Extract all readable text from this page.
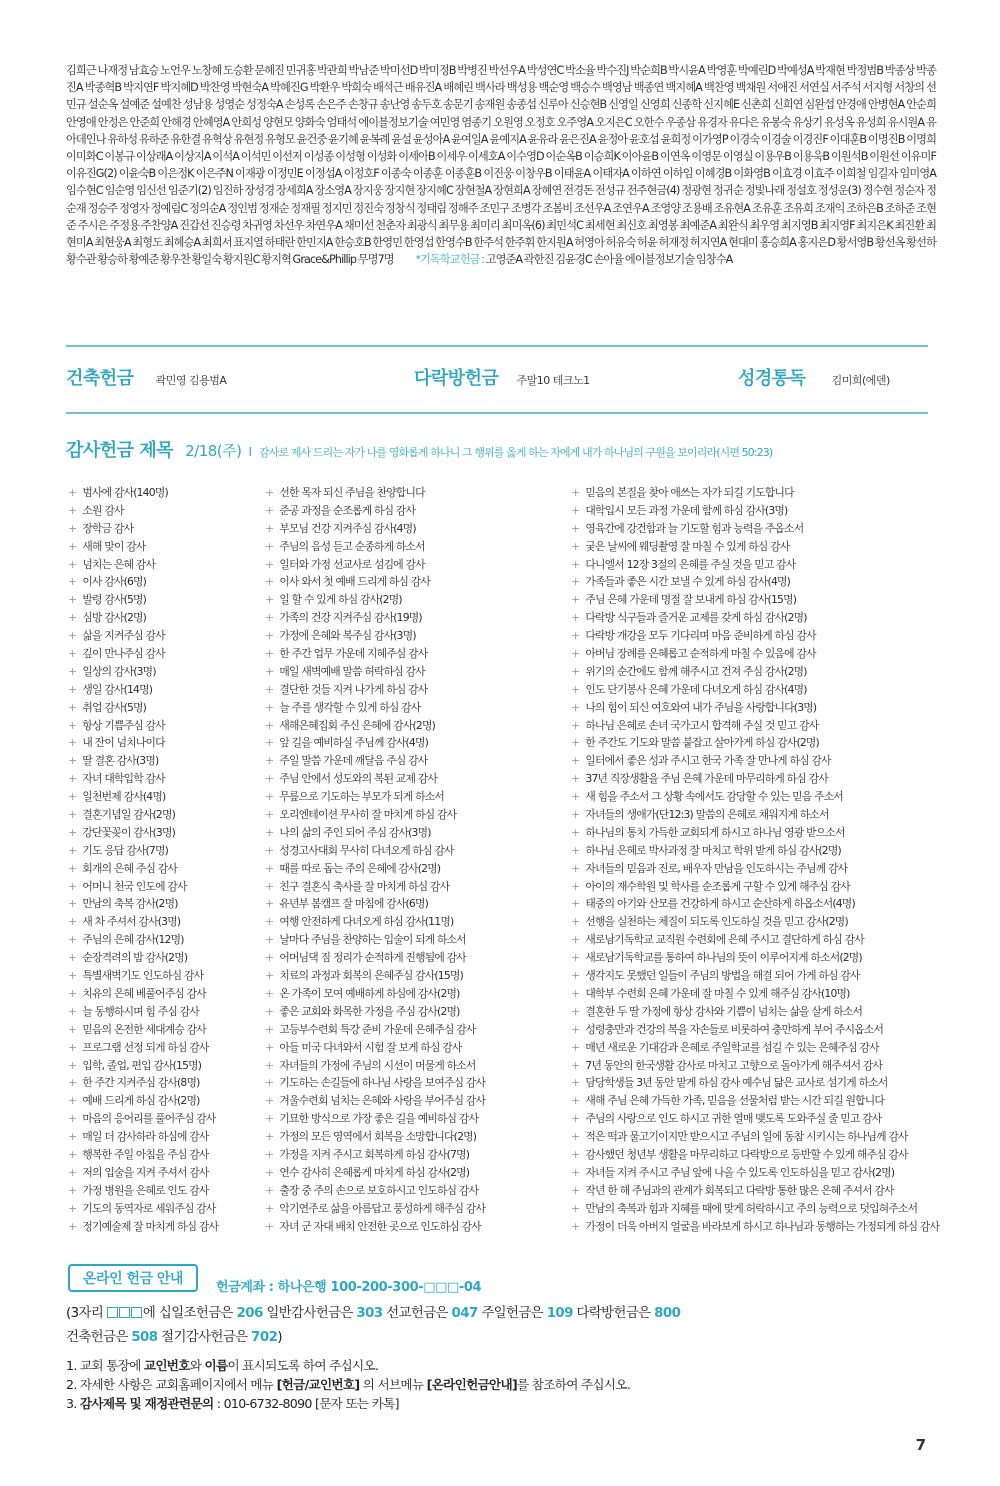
김희근 나재정 남효승 노언우 노창혜 도승환 문혜진 민귀홍 박관희 박남준 박미선D 박미정B 박병진 박선우A 박성연C 박소율 박수진J 박순희B 박시윤A 박영훈 박예린D 박예성A 박재현 박정범B 박종상 박종진A 박종혁B 박지연F 박지혜D 박찬영 박현숙A 박혜진G 박환우 박희숙 배석근 배유진A 배혜린 백사라 백성용 백순영 백승수 백영남 백종연 백지혜A 백찬영 백채원 서애진 서연실 서주석 서지형 서창의 선민규 설순옥 설예준 설예찬 성남용 성영순 성정숙A 손성록 손은주 손창규 송난영 송두호 송문기 송재원 송종섭 신루아 신승현B 신영일 신영희 신종학 신지혜E 신촌희 신희연 심완섭 안경애 안병현A 안순희 안영애 안정은 안준희 안해경 안혜영A 안희성 양현모 양화숙 엄태석 에이블정보기술 여민영 염종기 오원영 오정호 오주영A 오지은C 오한수 우종삼 유경자 유다은 유봉숙 유상기 유성옥 유성희 유시원A 유아데인나 유하성 유하준 유한결 유혁상 유현정 유형모 윤건중 윤기혜 윤복례 윤설 윤성아A 윤여일A 윤예지A 윤유라 윤은진A 윤정아 윤호섭 윤희정 이가영P 이경숙 이경술 이경진F 이대훈B 이명진B 이명희 이미화C 이봉규 이상래A 이상지A 이석A 이석민 이선저 이성종 이성형 이성화 이세아B 이세우 이세호A 이수영D 이순옥B 이승희K 이아윤B 이연옥 이영문 이영실 이용우B 이용욱B 이원석B 이원선 이유미F 이유진G(2) 이윤숙B 이은정K 이은주N 이재광 이정민E 이정섭A 이정호F 이종숙 이종훈 이종훈B 이진웅 이창우B 이태윤A 이태자A 이하연 이하임 이혜경B 이화영B 이효경 이효주 이희철 임길자 임미영A 임수현C 임순영 임신선 임준기(2) 임진하 장성경 장세희A 장소영A 장지웅 장지현 장지혜C 장현철A 장현희A 장혜연 전경돈 전성규 전주현금(4) 정광현 정귀순 정빛나래 정설호 정성운(3) 정수현 정순자 정순재 정승주 정영자 정예림C 정의순A 정인범 정재순 정재필 정지민 정진숙 정창식 정태림 정해주 조민구 조병각 조봄비 조선우A 조연우A 조영양 조용배 조유현A 조유훈 조유희 조재익 조하은B 조하준 조현준 주시은 주정용 주찬양A 진갑선 진승령 차귀영 차선우 차연우A 채미선 천춘자 최광식 최무용 최미리 최미옥(6) 최민석C 최세현 최신호 최영봉 최예준A 최완식 최우영 최지영B 최지영F 최지은K 최진환 최현미A 최현웅A 최형도 최혜승A 최희서 표지열 하태란 한민지A 한승호B 한영민 한영섭 한영수B 한주석 한주휘 한지원A 허영아 허유숙 허윤 허재정 허지연A 현대미 홍승희A 홍지은D 황서영B 황선옥 황선하 황수관 황승하 황예준 황우찬 황일숙 황지원C 황지혁 Grace&Phillip 무명7명 *기독학교헌금 : 고영준A 곽한진 김윤경C 손아율 에이블정보기술 임창수A
건축헌금 곽민영 김용범A	다락방헌금 주말10 테크노1	성경통독 김미희(에덴)
감사헌금 제목 2/18(주) I 감사로 제사 드리는 자가 나를 영화롭게 하나니 그 행위를 옳게 하는 자에게 내가 하나님의 구원을 보이리라(시편 50:23)
+ 범사에 감사(140명)
+ 소원 감사
+ 장학금 감사
+ 새해 맞이 감사
+ 넘치는 은혜 감사
+ 이사 감사(6명)
+ 발령 감사(5명)
+ 심방 감사(2명)
+ 삶을 지켜주심 감사
+ 깊이 만나주심 감사
+ 일상의 감사(3명)
+ 생일 감사(14명)
+ 취업 감사(5명)
+ 항상 기쁨주심 감사
+ 내 잔이 넘치나이다
+ 딸 결혼 감사(3명)
+ 자녀 대학입학 감사
+ 일천번제 감사(4명)
+ 결혼기념일 감사(2명)
+ 강단꽃꽂이 감사(3명)
+ 기도 응답 감사(7명)
+ 회개의 은혜 주심 감사
+ 어머니 천국 인도에 감사
+ 만남의 축복 감사(2명)
+ 새 차 주셔서 감사(3명)
+ 주님의 은혜 감사(12명)
+ 순장격려의 밤 감사(2명)
+ 특별새벽기도 인도하심 감사
+ 치유의 은혜 베풀어주심 감사
+ 늘 동행하시며 힘 주심 감사
+ 믿음의 온전한 세대계승 감사
+ 프로그램 선정 되게 하심 감사
+ 입학, 졸업, 편입 감사(15명)
+ 한 주간 지켜주심 감사(8명)
+ 예배 드리게 하심 감사(2명)
+ 마음의 응어리를 풀어주심 감사
+ 매일 더 감사하라 하심에 감사
+ 행복한 주일 아침을 주심 감사
+ 저의 입술을 지켜 주셔서 감사
+ 가정 병원을 은혜로 인도 감사
+ 기도의 동역자로 세워주심 감사
+ 정기예술제 잘 마치게 하심 감사
+ 선한 목자 되신 주님을 찬양합니다
+ 준공 과정을 순조롭게 하심 감사
+ 부모님 건강 지켜주심 감사(4명)
+ 주님의 음성 듣고 순종하게 하소서
+ 일터와 가정 선교사로 섬김에 감사
+ 이사 와서 첫 예배 드리게 하심 감사
+ 일 할 수 있게 하심 감사(2명)
+ 가족의 건강 지켜주심 감사(19명)
+ 가정에 은혜와 복주심 감사(3명)
+ 한 주간 업무 가운데 지혜주심 감사
+ 매일 새벽예배 말씀 허락하심 감사
+ 결단한 것들 지켜 나가게 하심 감사
+ 늘 주를 생각할 수 있게 하심 감사
+ 새해은혜집회 주신 은혜에 감사(2명)
+ 앞 길을 예비하실 주님께 감사(4명)
+ 주일 말씀 가운데 깨달음 주심 감사
+ 주님 안에서 성도와의 복된 교제 감사
+ 무릎으로 기도하는 부모가 되게 하소서
+ 오리엔테이션 무사히 잘 마치게 하심 감사
+ 나의 삶의 주인 되어 주심 감사(3명)
+ 성경고사대회 무사히 다녀오게 하심 감사
+ 때를 따로 돕는 주의 은혜에 감사(2명)
+ 친구 결혼식 축사를 잘 마치게 하심 감사
+ 유년부 봄캠프 잘 마침에 감사(6명)
+ 여행 안전하게 다녀오게 하심 감사(11명)
+ 날마다 주님을 찬양하는 입술이 되게 하소서
+ 어머님댁 짐 정리가 순적하게 진행됨에 감사
+ 치료의 과정과 회복의 은혜주심 감사(15명)
+ 온 가족이 모여 예배하게 하심에 감사(2명)
+ 좋은 교회와 화목한 가정을 주심 감사(2명)
+ 고등부수련회 특강 준비 가운데 은혜주심 감사
+ 아들 미국 다녀와서 시험 잘 보게 하심 감사
+ 자녀들의 가정에 주님의 시선이 머물게 하소서
+ 기도하는 손길들에 하나님 사랑을 보여주심 감사
+ 겨울수련회 넘치는 은혜와 사랑을 부어주심 감사
+ 기묘한 방식으로 가장 좋은 길을 예비하심 감사
+ 가정의 모든 영역에서 회복을 소망합니다(2명)
+ 가정을 지켜 주시고 회복하게 하심 감사(7명)
+ 연수 감사히 은혜롭게 마치게 하심 감사(2명)
+ 출장 중 주의 손으로 보호하시고 인도하심 감사
+ 악기연주로 삶을 아름답고 풍성하게 해주심 감사
+ 자녀 군 자대 배치 안전한 곳으로 인도하심 감사
+ 믿음의 본질을 찾아 애쓰는 자가 되길 기도합니다
+ 대학입시 모든 과정 가운데 함께 하심 감사(3명)
+ 영육간에 강건함과 늘 기도할 힘과 능력을 주옵소서
+ 궂은 날씨에 웨딩촬영 잘 마칠 수 있게 하심 감사
+ 다니엘서 12장 3절의 은혜를 주실 것을 믿고 감사
+ 가족들과 좋은 시간 보낼 수 있게 하심 감사(4명)
+ 주님 은혜 가운데 명절 잘 보내게 하심 감사(15명)
+ 다락방 식구들과 즐거운 교제를 갖게 하심 감사(2명)
+ 다락방 개강을 모두 기다리며 마음 준비하게 하심 감사
+ 아버님 장례를 은혜롭고 순적하게 마칠 수 있음에 감사
+ 위기의 순간에도 함께 해주시고 건져 주심 감사(2명)
+ 인도 단기봉사 은혜 가운데 다녀오게 하심 감사(4명)
+ 나의 힘이 되신 여호와여 내가 주님을 사랑합니다(3명)
+ 하나님 은혜로 손녀 국가고시 합격해 주실 것 믿고 감사
+ 한 주간도 기도와 말씀 붙잡고 살아가게 하심 감사(2명)
+ 일터에서 좋은 성과 주시고 한국 가족 잘 만나게 하심 감사
+ 37년 직장생활을 주님 은혜 가운데 마무리하게 하심 감사
+ 새 힘을 주소서 그 상황 속에서도 감당할 수 있는 믿음 주소서
+ 자녀들의 생애가(단12:3) 말씀의 은혜로 채워지게 하소서
+ 하나님의 통치 가득한 교회되게 하시고 하나님 영광 받으소서
+ 하나님 은혜로 박사과정 잘 마치고 학위 받게 하심 감사(2명)
+ 자녀들의 믿음과 진로, 배우자 만남을 인도하시는 주님께 감사
+ 아이의 재수학원 및 학사를 순조롭게 구할 수 있게 해주심 감사
+ 태중의 아기와 산모를 건강하게 하시고 순산하게 하옵소서(4명)
+ 선행을 실천하는 체질이 되도록 인도하실 것을 믿고 감사(2명)
+ 새로남기독학교 교직원 수련회에 은혜 주시고 결단하게 하심 감사
+ 새로남기독학교를 통하여 하나님의 뜻이 이루어지게 하소서(2명)
+ 생각지도 못했던 일들이 주님의 방법을 해결 되어 가게 하심 감사
+ 대학부 수련회 은혜 가운데 잘 마칠 수 있게 해주심 감사(10명)
+ 결혼한 두 딸 가정에 항상 감사와 기쁨이 넘치는 삶을 살게 하소서
+ 성령충만과 건강의 복을 자손들로 비롯하여 충만하게 부어 주시옵소서
+ 매년 새로운 기대감과 은혜로 주일학교를 섬길 수 있는 은혜주심 감사
+ 7년 동안의 한국생활 감사로 마치고 고향으로 돌아가게 해주셔서 감사
+ 담당학생들 3년 동안 맡게 하심 감사 예수님 닮은 교사로 섬기게 하소서
+ 새해 주님 은혜 가득한 가족, 믿음을 선물처럼 받는 시간 되길 원합니다
+ 주님의 사랑으로 인도 하시고 귀한 열매 맺도록 도와주실 줄 믿고 감사
+ 적은 떡과 물고기이지만 받으시고 주님의 일에 동참 시키시는 하나님께 감사
+ 감사했던 청년부 생활을 마무리하고 다락방으로 등반할 수 있게 해주심 감사
+ 자녀들 지켜 주시고 주님 앞에 나올 수 있도록 인도하심을 믿고 감사(2명)
+ 작년 한 해 주님과의 관계가 회복되고 다락방 통한 많은 은혜 주셔서 감사
+ 만남의 축복과 힘과 지혜를 때에 맞게 허락하시고 주의 능력으로 덧입혀주소서
+ 가정이 더욱 아버지 얼굴을 바라보게 하시고 하나님과 동행하는 가정되게 하심 감사
온라인 헌금 안내
헌금계좌 : 하나은행 100-200-300-□□□-04
(3자리	에 십일조헌금은 206 일반감사헌금은 303 선교헌금은 047 주일헌금은 109 다락방헌금은 800
건축헌금은 508 절기감사헌금은 702)
1. 교회 통장에 교인번호와 이름이 표시되도록 하여 주십시오.
2. 자세한 사항은 교회홈페이지에서 메뉴 [헌금/교인번호] 의 서브메뉴 [온라인헌금안내]를 참조하여 주십시오.
3. 감사제목 및 재정관련문의 : 010-6732-8090 [문자 또는 카톡]
7
